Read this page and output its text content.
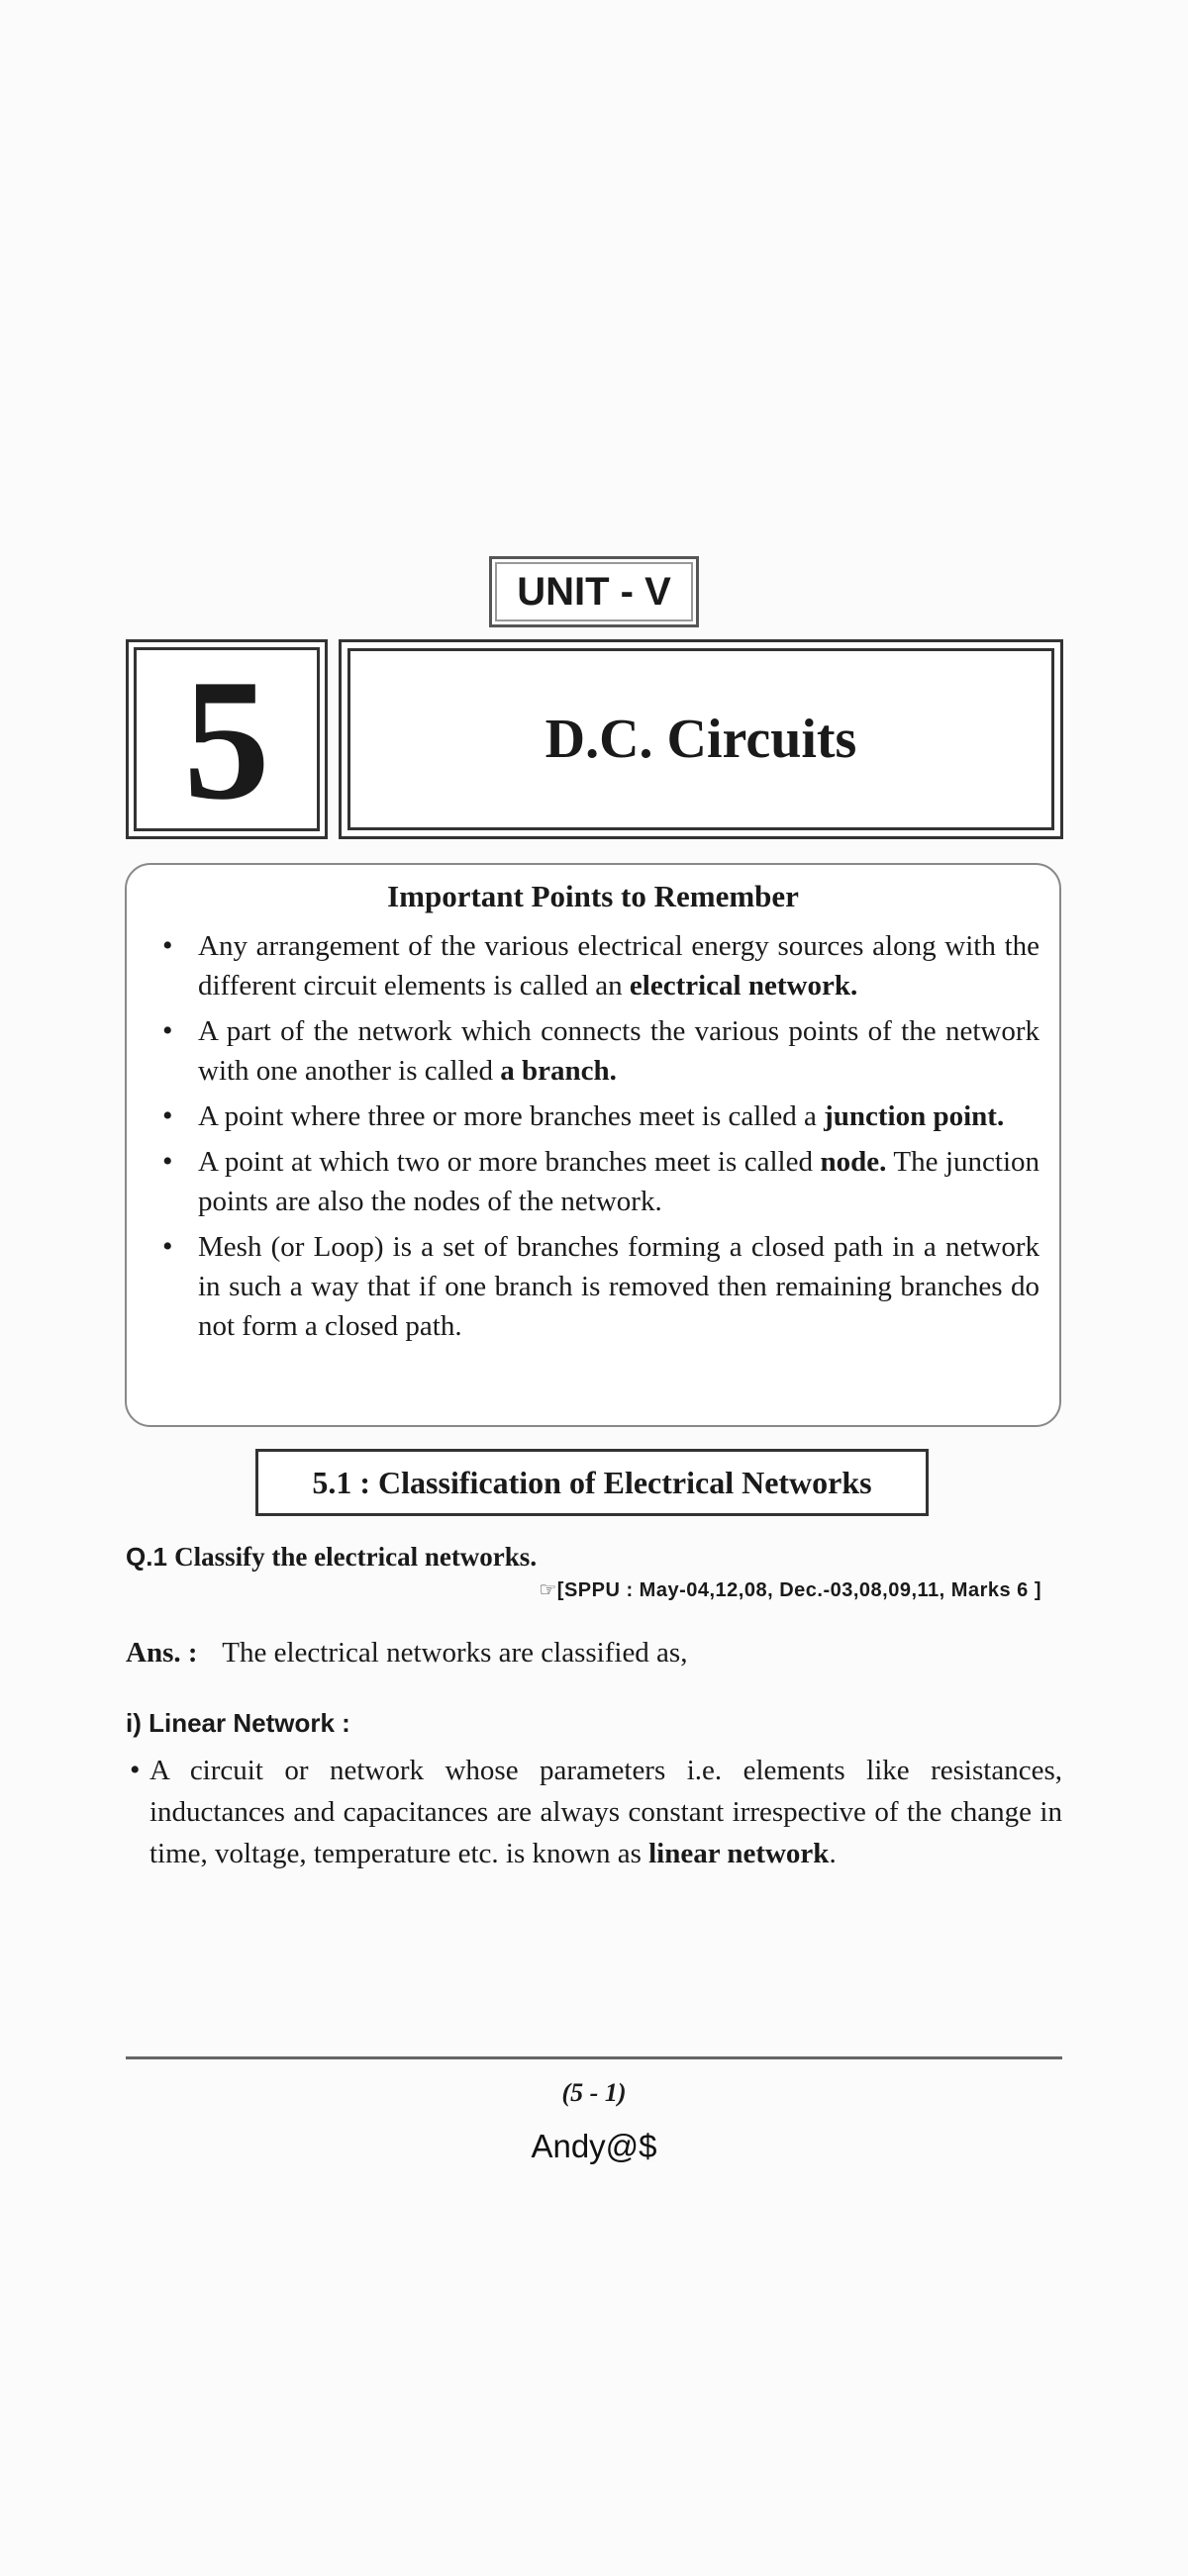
UNIT - V
5	D.C. Circuits
Important Points to Remember
• Any arrangement of the various electrical energy sources along with the different circuit elements is called an electrical network.
• A part of the network which connects the various points of the network with one another is called a branch.
• A point where three or more branches meet is called a junction point.
• A point at which two or more branches meet is called node. The junction points are also the nodes of the network.
• Mesh (or Loop) is a set of branches forming a closed path in a network in such a way that if one branch is removed then remaining branches do not form a closed path.
5.1 : Classification of Electrical Networks
Q.1 Classify the electrical networks.
☞[SPPU : May-04,12,08, Dec.-03,08,09,11, Marks 6 ]
Ans. : The electrical networks are classified as,
i) Linear Network :
• A circuit or network whose parameters i.e. elements like resistances, inductances and capacitances are always constant irrespective of the change in time, voltage, temperature etc. is known as linear network.
(5 - 1)
Andy@$
